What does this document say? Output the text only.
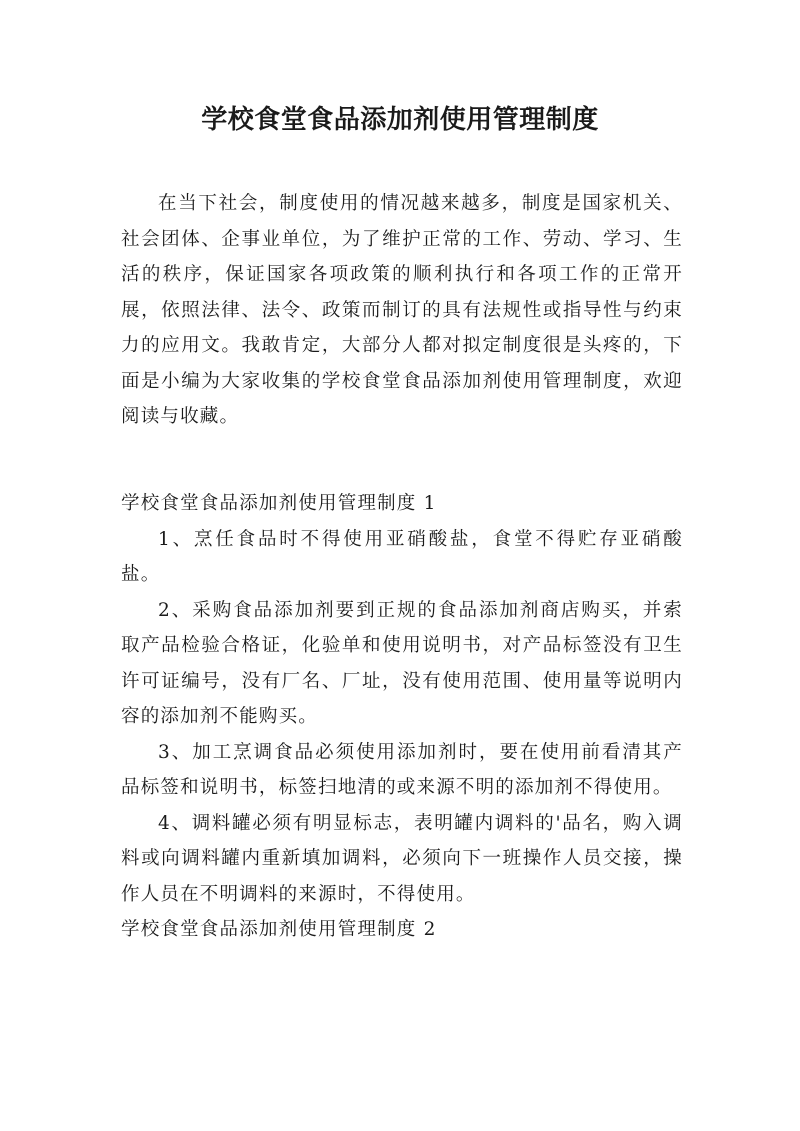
学校食堂食品添加剂使用管理制度

在当下社会，制度使用的情况越来越多，制度是国家机关、社会团体、企事业单位，为了维护正常的工作、劳动、学习、生活的秩序，保证国家各项政策的顺利执行和各项工作的正常开展，依照法律、法令、政策而制订的具有法规性或指导性与约束力的应用文。我敢肯定，大部分人都对拟定制度很是头疼的，下面是小编为大家收集的学校食堂食品添加剂使用管理制度，欢迎阅读与收藏。

学校食堂食品添加剂使用管理制度 1

1、烹任食品时不得使用亚硝酸盐，食堂不得贮存亚硝酸盐。

2、采购食品添加剂要到正规的食品添加剂商店购买，并索取产品检验合格证，化验单和使用说明书，对产品标签没有卫生许可证编号，没有厂名、厂址，没有使用范围、使用量等说明内容的添加剂不能购买。

3、加工烹调食品必须使用添加剂时，要在使用前看清其产品标签和说明书，标签扫地清的或来源不明的添加剂不得使用。

4、调料罐必须有明显标志，表明罐内调料的'品名，购入调料或向调料罐内重新填加调料，必须向下一班操作人员交接，操作人员在不明调料的来源时，不得使用。

学校食堂食品添加剂使用管理制度 2
